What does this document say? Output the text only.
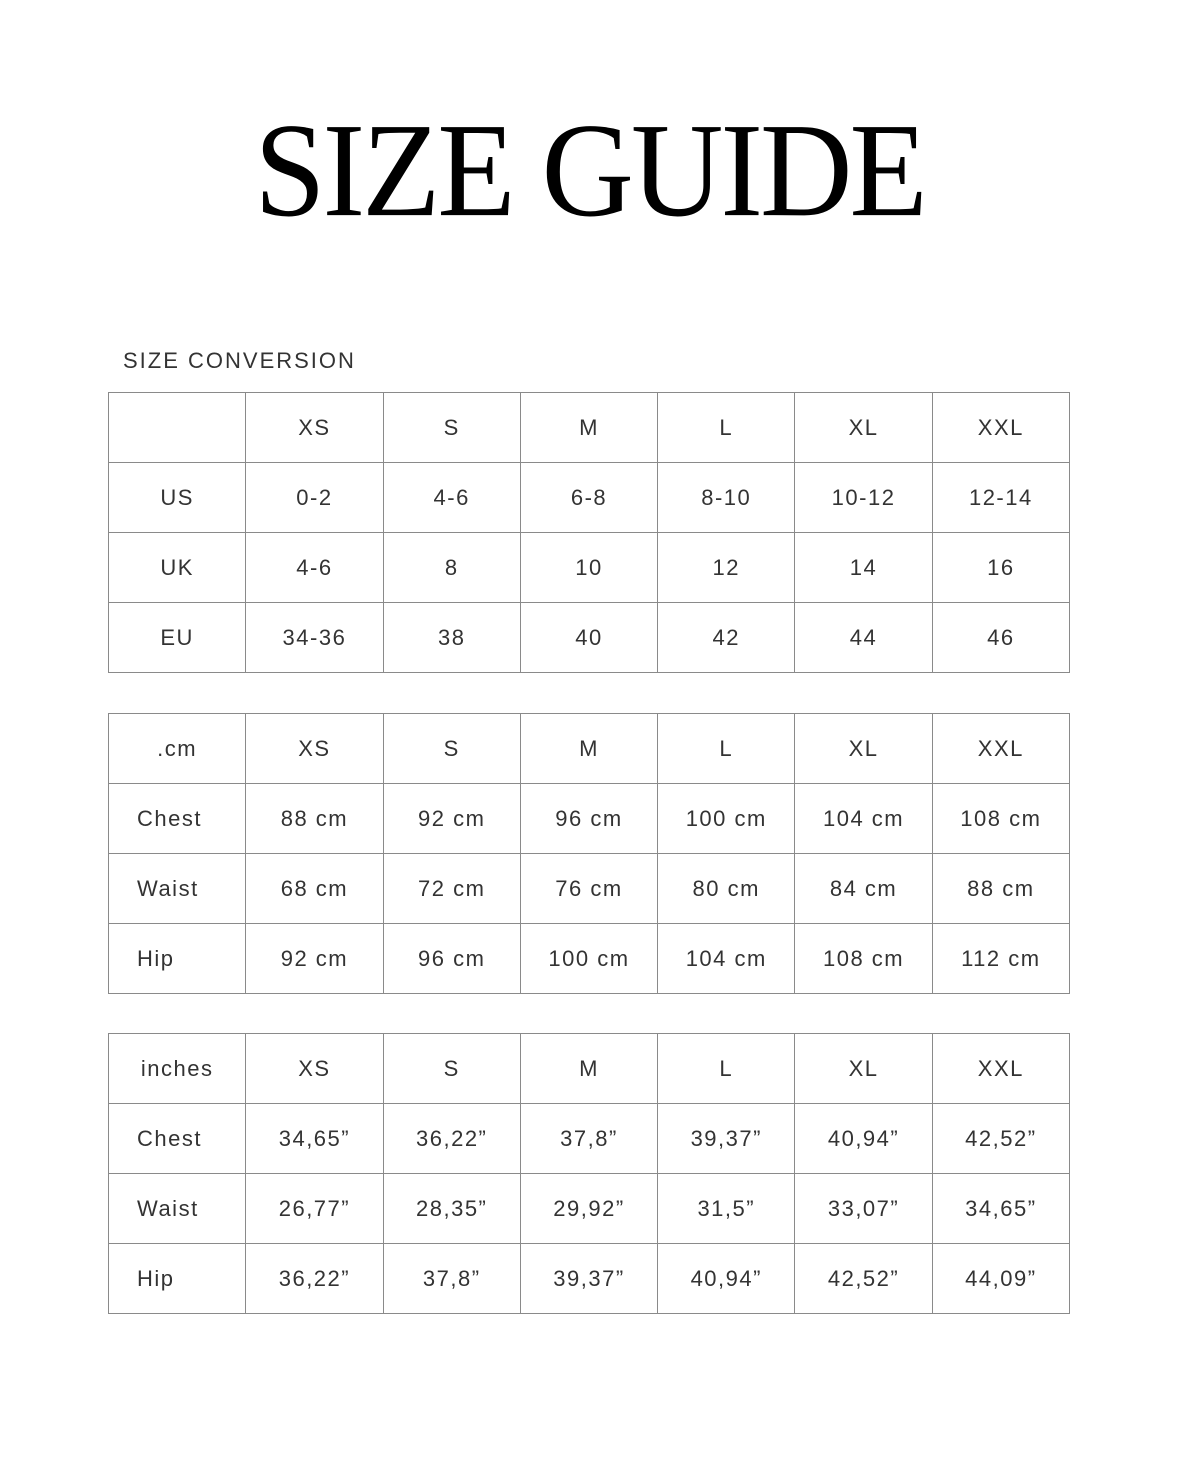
SIZE GUIDE
SIZE CONVERSION
	XS	S	M	L	XL	XXL
US	0-2	4-6	6-8	8-10	10-12	12-14
UK	4-6	8	10	12	14	16
EU	34-36	38	40	42	44	46
.cm	XS	S	M	L	XL	XXL
Chest	88 cm	92 cm	96 cm	100 cm	104 cm	108 cm
Waist	68 cm	72 cm	76 cm	80 cm	84 cm	88 cm
Hip	92 cm	96 cm	100 cm	104 cm	108 cm	112 cm
inches	XS	S	M	L	XL	XXL
Chest	34,65”	36,22”	37,8”	39,37”	40,94”	42,52”
Waist	26,77”	28,35”	29,92”	31,5”	33,07”	34,65”
Hip	36,22”	37,8”	39,37”	40,94”	42,52”	44,09”
